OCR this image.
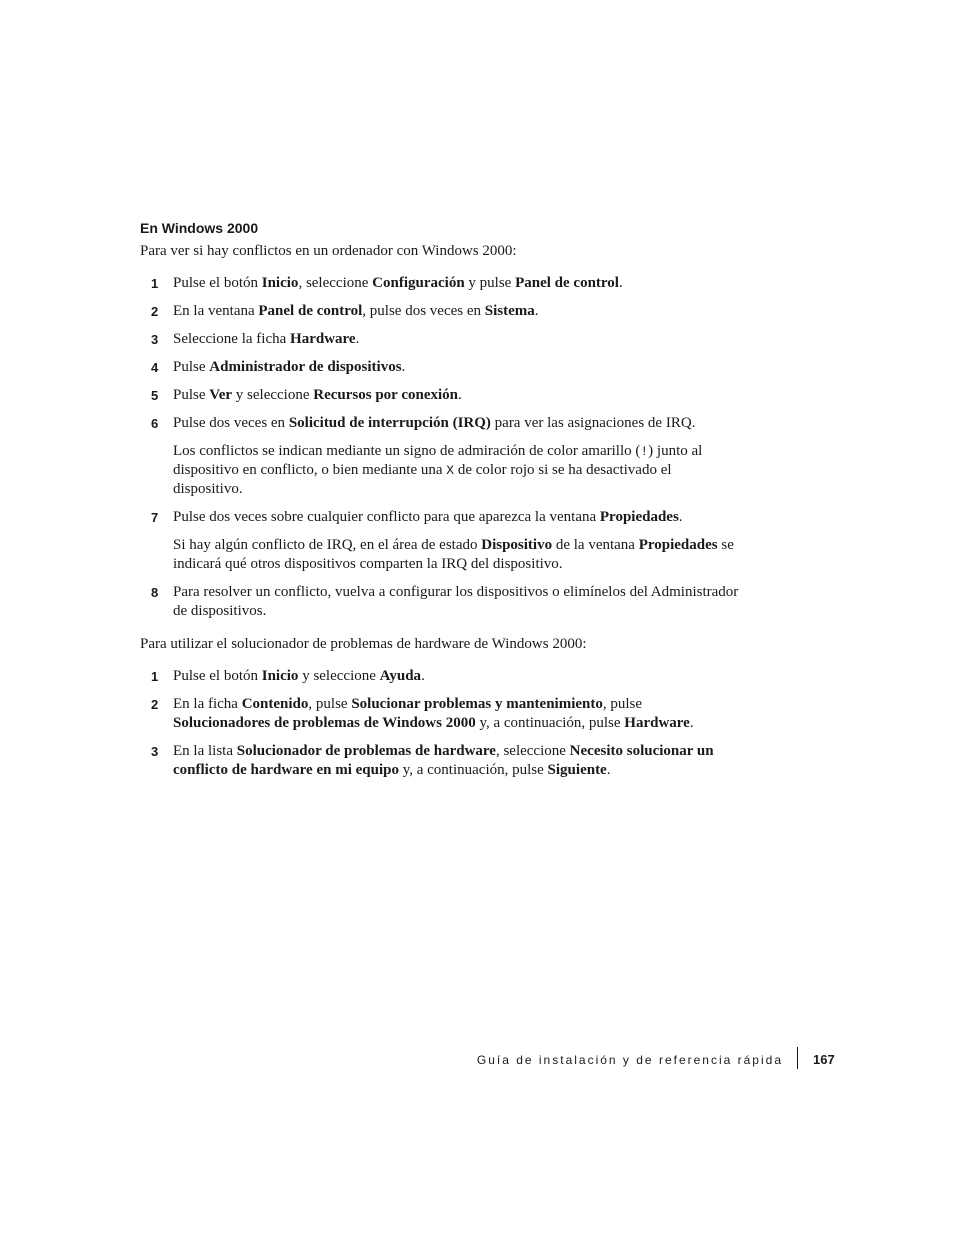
En Windows 2000

Para ver si hay conflictos en un ordenador con Windows 2000:

1 Pulse el botón Inicio, seleccione Configuración y pulse Panel de control.
2 En la ventana Panel de control, pulse dos veces en Sistema.
3 Seleccione la ficha Hardware.
4 Pulse Administrador de dispositivos.
5 Pulse Ver y seleccione Recursos por conexión.
6 Pulse dos veces en Solicitud de interrupción (IRQ) para ver las asignaciones de IRQ.
Los conflictos se indican mediante un signo de admiración de color amarillo (!) junto al dispositivo en conflicto, o bien mediante una X de color rojo si se ha desactivado el dispositivo.
7 Pulse dos veces sobre cualquier conflicto para que aparezca la ventana Propiedades.
Si hay algún conflicto de IRQ, en el área de estado Dispositivo de la ventana Propiedades se indicará qué otros dispositivos comparten la IRQ del dispositivo.
8 Para resolver un conflicto, vuelva a configurar los dispositivos o elimínelos del Administrador de dispositivos.

Para utilizar el solucionador de problemas de hardware de Windows 2000:

1 Pulse el botón Inicio y seleccione Ayuda.
2 En la ficha Contenido, pulse Solucionar problemas y mantenimiento, pulse Solucionadores de problemas de Windows 2000 y, a continuación, pulse Hardware.
3 En la lista Solucionador de problemas de hardware, seleccione Necesito solucionar un conflicto de hardware en mi equipo y, a continuación, pulse Siguiente.
Guía de instalación y de referencia rápida 167
